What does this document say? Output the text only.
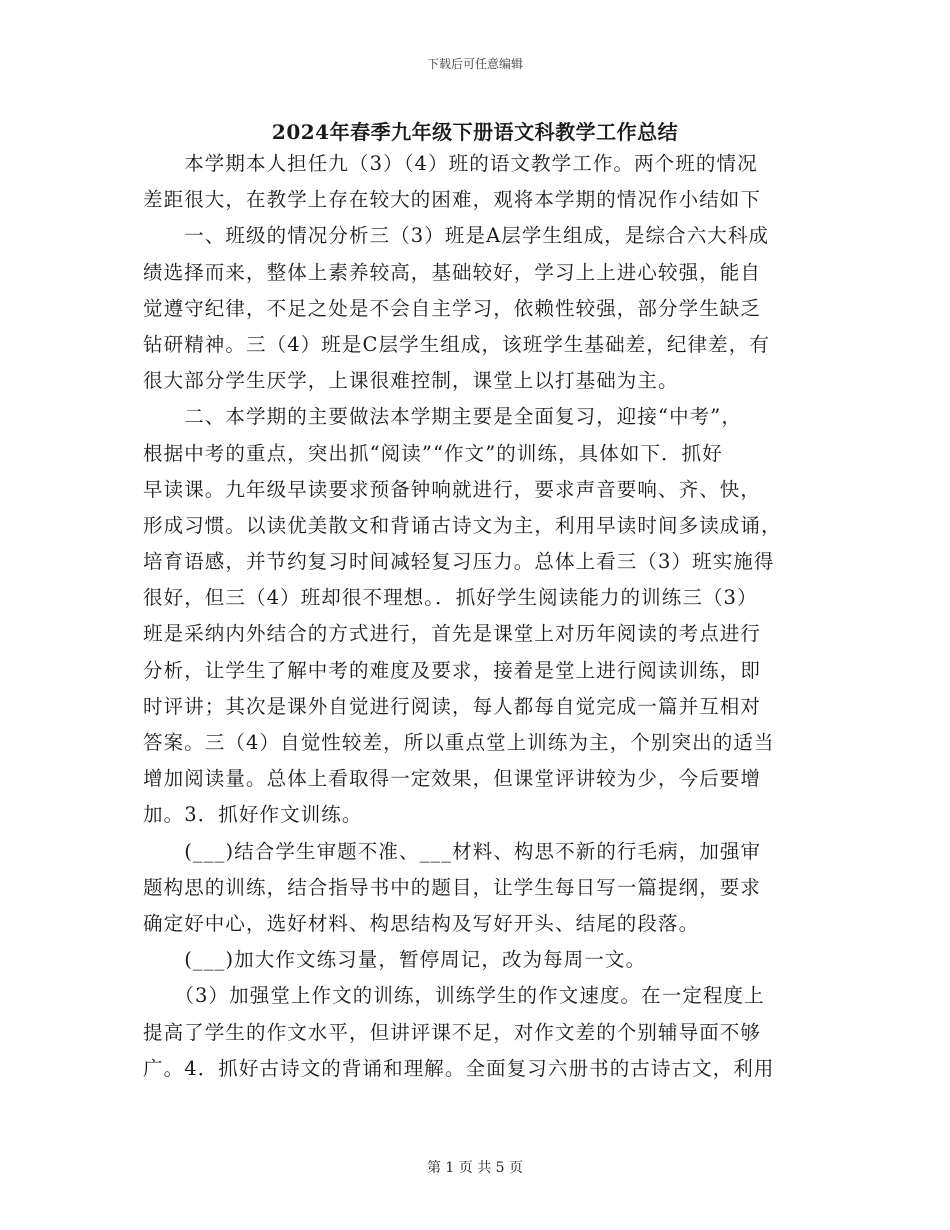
下载后可任意编辑
2024年春季九年级下册语文科教学工作总结
　　本学期本人担任九（3）（4）班的语文教学工作。两个班的情况
差距很大，在教学上存在较大的困难，观将本学期的情况作小结如下
　　一、班级的情况分析三（3）班是A层学生组成，是综合六大科成
绩选择而来，整体上素养较高，基础较好，学习上上进心较强，能自
觉遵守纪律，不足之处是不会自主学习，依赖性较强，部分学生缺乏
钻研精神。三（4）班是C层学生组成，该班学生基础差，纪律差，有
很大部分学生厌学，上课很难控制，课堂上以打基础为主。
　　二、本学期的主要做法本学期主要是全面复习，迎接“中考”，
根据中考的重点，突出抓“阅读”“作文”的训练，具体如下．抓好
早读课。九年级早读要求预备钟响就进行，要求声音要响、齐、快，
形成习惯。以读优美散文和背诵古诗文为主，利用早读时间多读成诵，
培育语感，并节约复习时间减轻复习压力。总体上看三（3）班实施得
很好，但三（4）班却很不理想。．抓好学生阅读能力的训练三（3）
班是采纳内外结合的方式进行，首先是课堂上对历年阅读的考点进行
分析，让学生了解中考的难度及要求，接着是堂上进行阅读训练，即
时评讲；其次是课外自觉进行阅读，每人都每自觉完成一篇并互相对
答案。三（4）自觉性较差，所以重点堂上训练为主，个别突出的适当
增加阅读量。总体上看取得一定效果，但课堂评讲较为少，今后要增
加。3．抓好作文训练。
　　(___)结合学生审题不准、___材料、构思不新的行毛病，加强审
题构思的训练，结合指导书中的题目，让学生每日写一篇提纲，要求
确定好中心，选好材料、构思结构及写好开头、结尾的段落。
　　(___)加大作文练习量，暂停周记，改为每周一文。
　　（3）加强堂上作文的训练，训练学生的作文速度。在一定程度上
提高了学生的作文水平，但讲评课不足，对作文差的个别辅导面不够
广。4．抓好古诗文的背诵和理解。全面复习六册书的古诗古文，利用
第 1 页 共 5 页
